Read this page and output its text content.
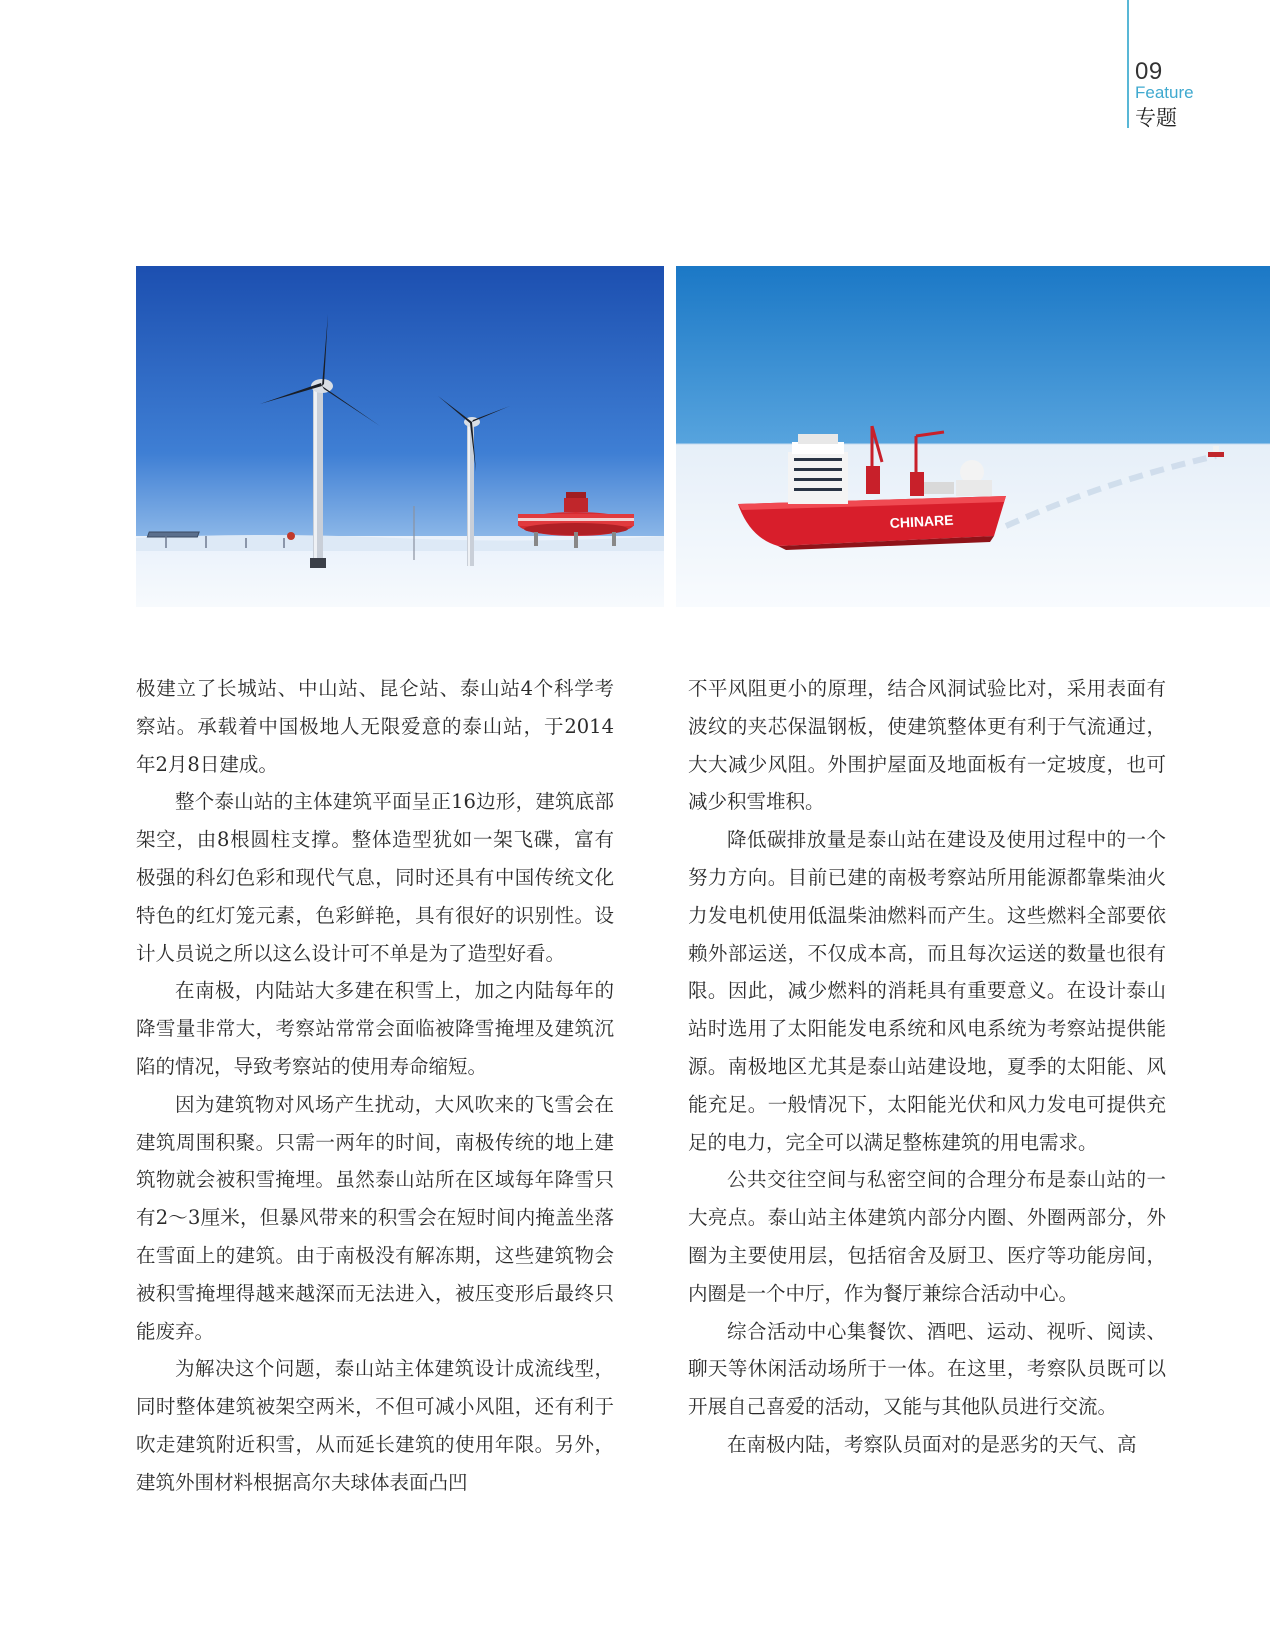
09
Feature
专题
CHINARE

极建立了长城站、中山站、昆仑站、泰山站4个科学考察站。承载着中国极地人无限爱意的泰山站，于2014年2月8日建成。

整个泰山站的主体建筑平面呈正16边形，建筑底部架空，由8根圆柱支撑。整体造型犹如一架飞碟，富有极强的科幻色彩和现代气息，同时还具有中国传统文化特色的红灯笼元素，色彩鲜艳，具有很好的识别性。设计人员说之所以这么设计可不单是为了造型好看。

在南极，内陆站大多建在积雪上，加之内陆每年的降雪量非常大，考察站常常会面临被降雪掩埋及建筑沉陷的情况，导致考察站的使用寿命缩短。

因为建筑物对风场产生扰动，大风吹来的飞雪会在建筑周围积聚。只需一两年的时间，南极传统的地上建筑物就会被积雪掩埋。虽然泰山站所在区域每年降雪只有2～3厘米，但暴风带来的积雪会在短时间内掩盖坐落在雪面上的建筑。由于南极没有解冻期，这些建筑物会被积雪掩埋得越来越深而无法进入，被压变形后最终只能废弃。

为解决这个问题，泰山站主体建筑设计成流线型，同时整体建筑被架空两米，不但可减小风阻，还有利于吹走建筑附近积雪，从而延长建筑的使用年限。另外，建筑外围材料根据高尔夫球体表面凸凹

不平风阻更小的原理，结合风洞试验比对，采用表面有波纹的夹芯保温钢板，使建筑整体更有利于气流通过，大大减少风阻。外围护屋面及地面板有一定坡度，也可减少积雪堆积。

降低碳排放量是泰山站在建设及使用过程中的一个努力方向。目前已建的南极考察站所用能源都靠柴油火力发电机使用低温柴油燃料而产生。这些燃料全部要依赖外部运送，不仅成本高，而且每次运送的数量也很有限。因此，减少燃料的消耗具有重要意义。在设计泰山站时选用了太阳能发电系统和风电系统为考察站提供能源。南极地区尤其是泰山站建设地，夏季的太阳能、风能充足。一般情况下，太阳能光伏和风力发电可提供充足的电力，完全可以满足整栋建筑的用电需求。

公共交往空间与私密空间的合理分布是泰山站的一大亮点。泰山站主体建筑内部分内圈、外圈两部分，外圈为主要使用层，包括宿舍及厨卫、医疗等功能房间，内圈是一个中厅，作为餐厅兼综合活动中心。

综合活动中心集餐饮、酒吧、运动、视听、阅读、聊天等休闲活动场所于一体。在这里，考察队员既可以开展自己喜爱的活动，又能与其他队员进行交流。

在南极内陆，考察队员面对的是恶劣的天气、高
